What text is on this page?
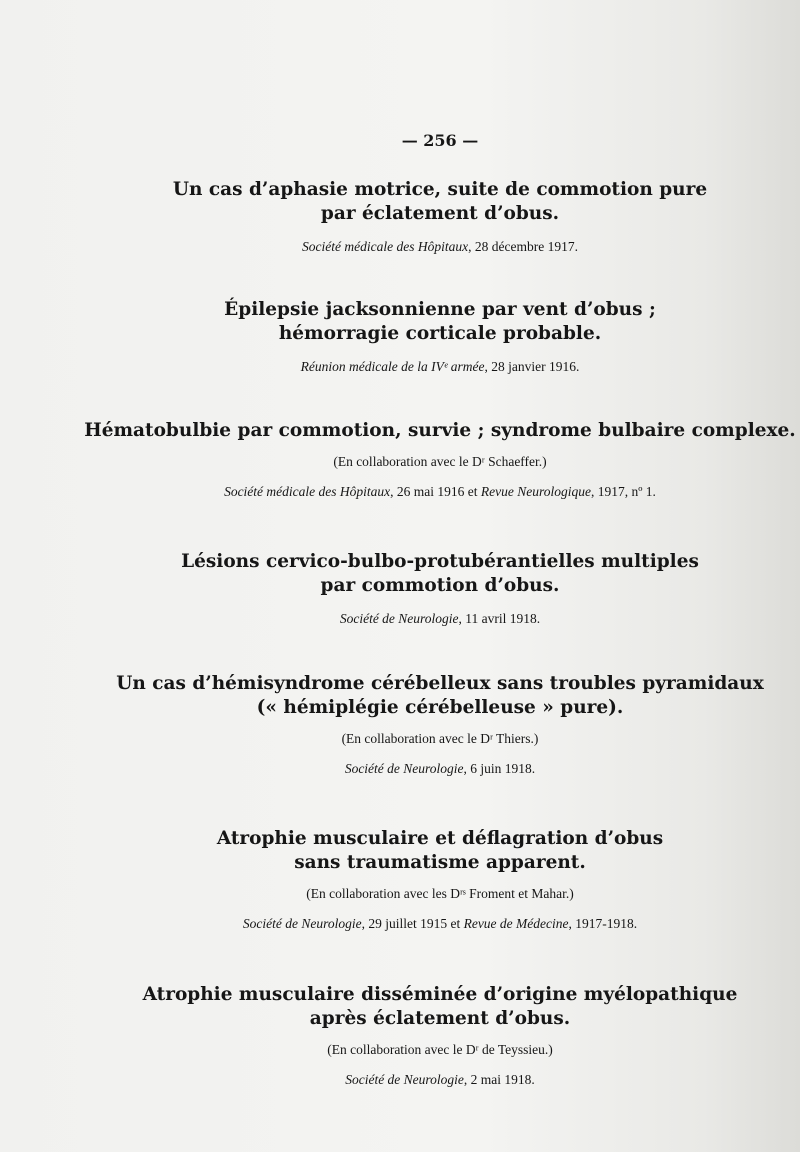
— 256 —

Un cas d’aphasie motrice, suite de commotion pure

par éclatement d’obus.

Société médicale des Hôpitaux, 28 décembre 1917.

Épilepsie jacksonnienne par vent d’obus ;

hémorragie corticale probable.

Réunion médicale de la IVᵉ armée, 28 janvier 1916.

Hématobulbie par commotion, survie ; syndrome bulbaire complexe.

(En collaboration avec le Dʳ Schaeffer.)

Société médicale des Hôpitaux, 26 mai 1916 et Revue Neurologique, 1917, nº 1.

Lésions cervico-bulbo-protubérantielles multiples

par commotion d’obus.

Société de Neurologie, 11 avril 1918.

Un cas d’hémisyndrome cérébelleux sans troubles pyramidaux

(« hémiplégie cérébelleuse » pure).

(En collaboration avec le Dʳ Thiers.)

Société de Neurologie, 6 juin 1918.

Atrophie musculaire et déflagration d’obus

sans traumatisme apparent.

(En collaboration avec les Dʳˢ Froment et Mahar.)

Société de Neurologie, 29 juillet 1915 et Revue de Médecine, 1917-1918.

Atrophie musculaire disséminée d’origine myélopathique

après éclatement d’obus.

(En collaboration avec le Dʳ de Teyssieu.)

Société de Neurologie, 2 mai 1918.
